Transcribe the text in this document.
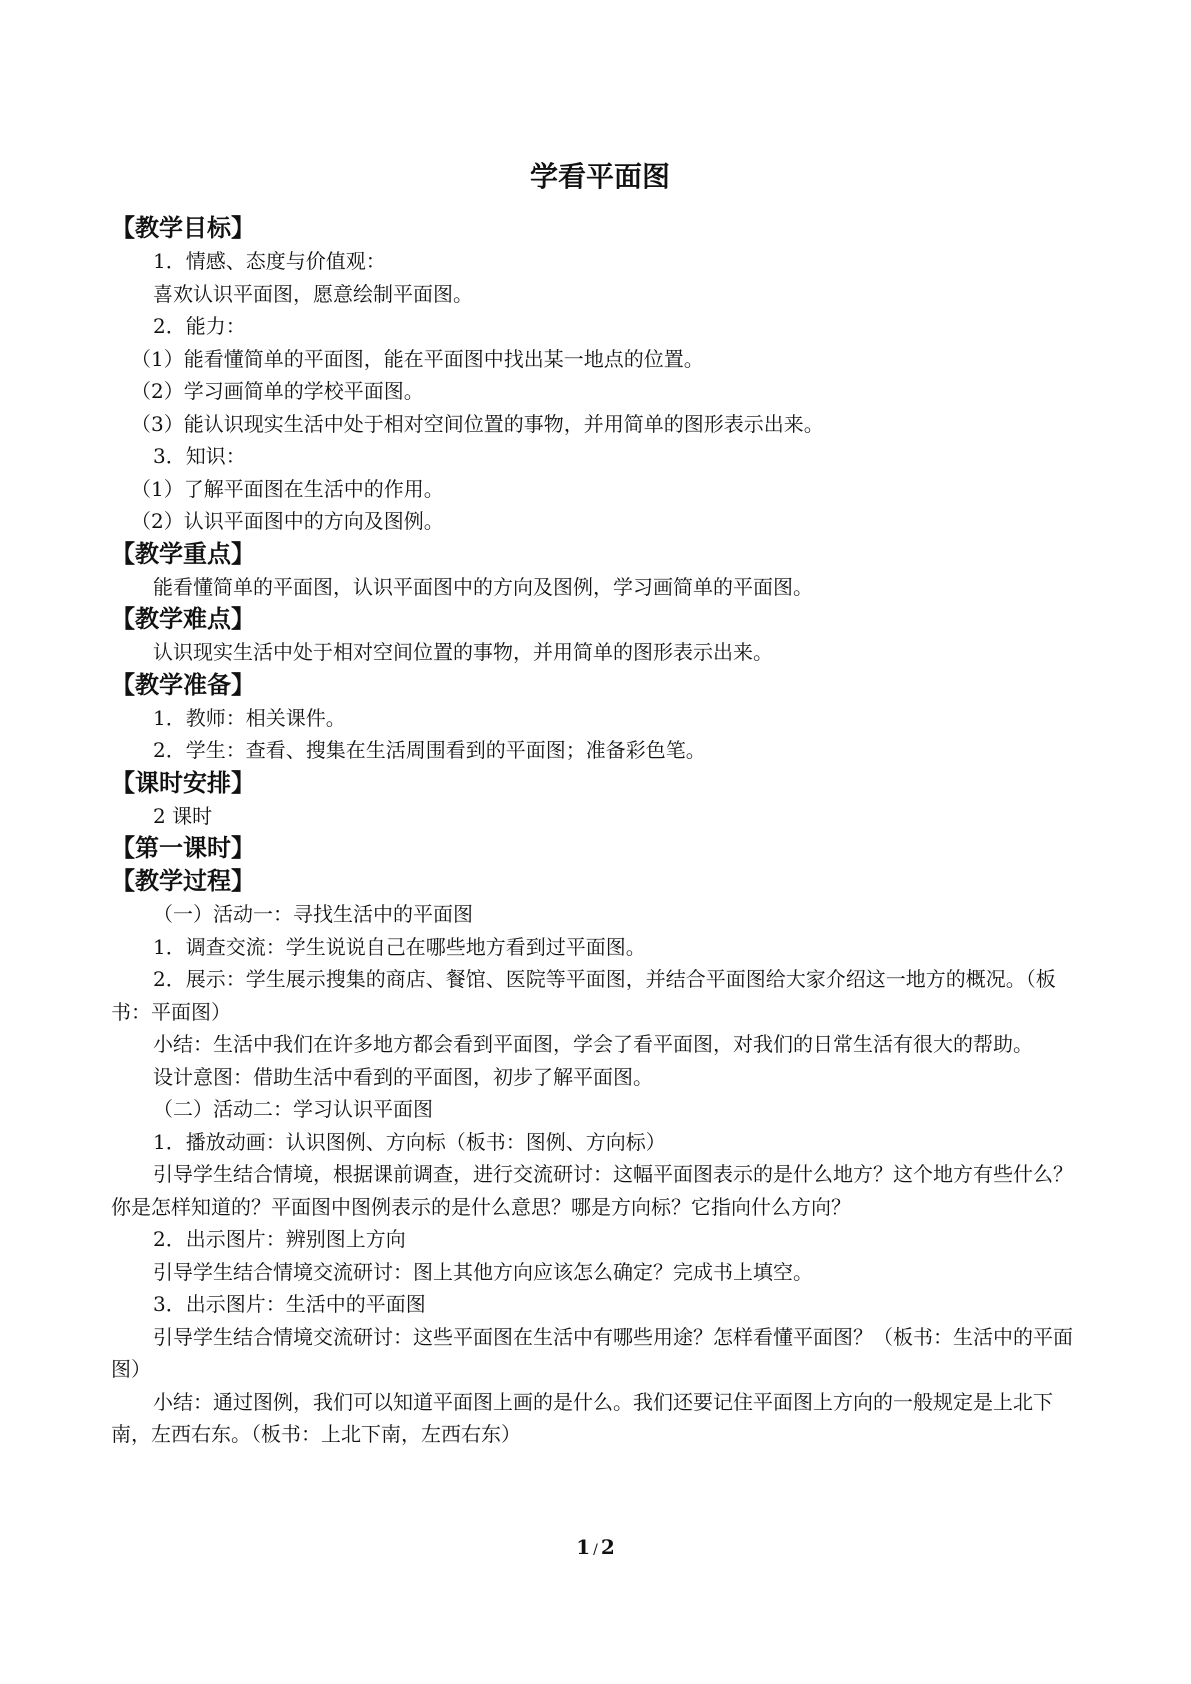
学看平面图
【教学目标】
1．情感、态度与价值观：
喜欢认识平面图，愿意绘制平面图。
2．能力：
（1）能看懂简单的平面图，能在平面图中找出某一地点的位置。
（2）学习画简单的学校平面图。
（3）能认识现实生活中处于相对空间位置的事物，并用简单的图形表示出来。
3．知识：
（1）了解平面图在生活中的作用。
（2）认识平面图中的方向及图例。
【教学重点】
能看懂简单的平面图，认识平面图中的方向及图例，学习画简单的平面图。
【教学难点】
认识现实生活中处于相对空间位置的事物，并用简单的图形表示出来。
【教学准备】
1．教师：相关课件。
2．学生：查看、搜集在生活周围看到的平面图；准备彩色笔。
【课时安排】
2 课时
【第一课时】
【教学过程】
（一）活动一：寻找生活中的平面图
1．调查交流：学生说说自己在哪些地方看到过平面图。
2．展示：学生展示搜集的商店、餐馆、医院等平面图，并结合平面图给大家介绍这一地方的概况。（板书：平面图）
小结：生活中我们在许多地方都会看到平面图，学会了看平面图，对我们的日常生活有很大的帮助。
设计意图：借助生活中看到的平面图，初步了解平面图。
（二）活动二：学习认识平面图
1．播放动画：认识图例、方向标（板书：图例、方向标）
引导学生结合情境，根据课前调查，进行交流研讨：这幅平面图表示的是什么地方？这个地方有些什么？你是怎样知道的？平面图中图例表示的是什么意思？哪是方向标？它指向什么方向？
2．出示图片：辨别图上方向
引导学生结合情境交流研讨：图上其他方向应该怎么确定？完成书上填空。
3．出示图片：生活中的平面图
引导学生结合情境交流研讨：这些平面图在生活中有哪些用途？怎样看懂平面图？（板书：生活中的平面图）
小结：通过图例，我们可以知道平面图上画的是什么。我们还要记住平面图上方向的一般规定是上北下南，左西右东。（板书：上北下南，左西右东）
1 / 2
